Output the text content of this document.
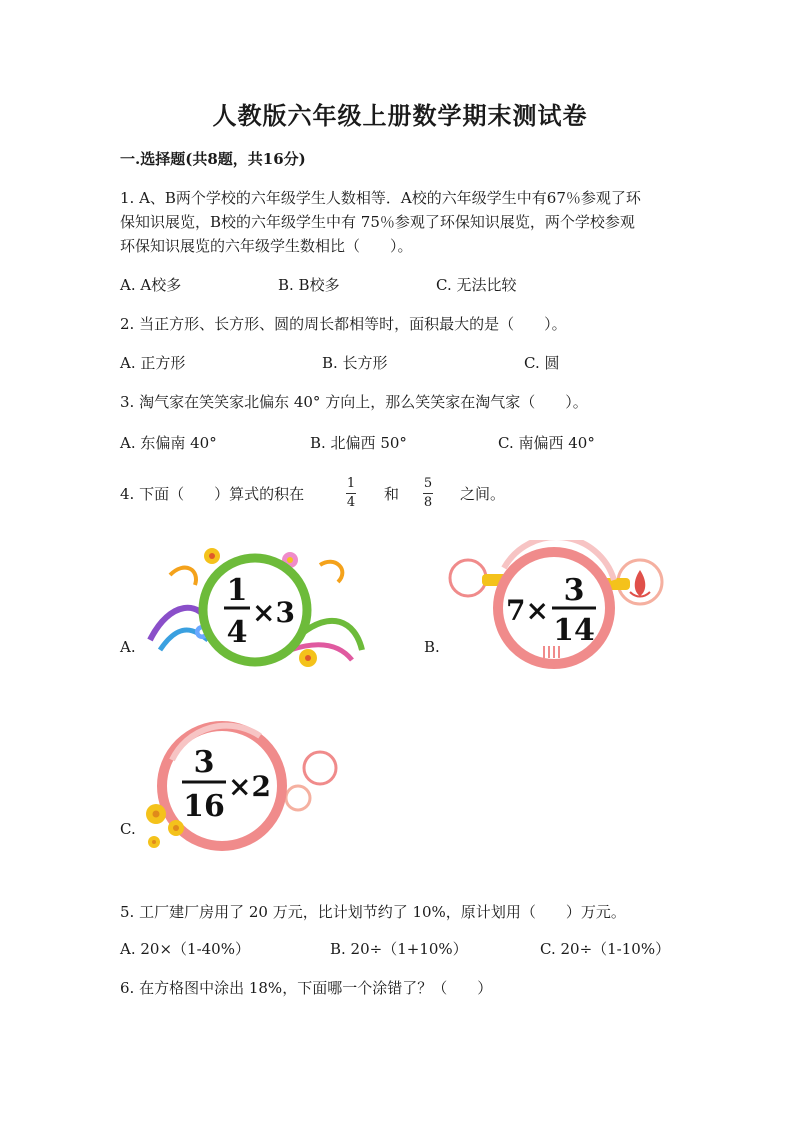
人教版六年级上册数学期末测试卷
一.选择题(共8题，共16分)
1. A、B两个学校的六年级学生人数相等．A校的六年级学生中有67％参观了环
保知识展览，B校的六年级学生中有 75％参观了环保知识展览，两个学校参观
环保知识展览的六年级学生数相比（　　）。
A. A校多	B. B校多	C. 无法比较
2. 当正方形、长方形、圆的周长都相等时，面积最大的是（　　）。
A. 正方形	B. 长方形	C. 圆
3. 淘气家在笑笑家北偏东 40° 方向上，那么笑笑家在淘气家（　　）。
A. 东偏南 40°	B. 北偏西 50°	C. 南偏西 40°
4. 下面（　　）算式的积在
1
4 和
5
8 之间。
A.
1
4
×3
B.
7×
3
14
C.
3
16
×2
5. 工厂建厂房用了 20 万元，比计划节约了 10%，原计划用（　　）万元。
A. 20×（1-40%）	B. 20÷（1+10%）	C. 20÷（1-10%）
6. 在方格图中涂出 18%，下面哪一个涂错了？（　　）
